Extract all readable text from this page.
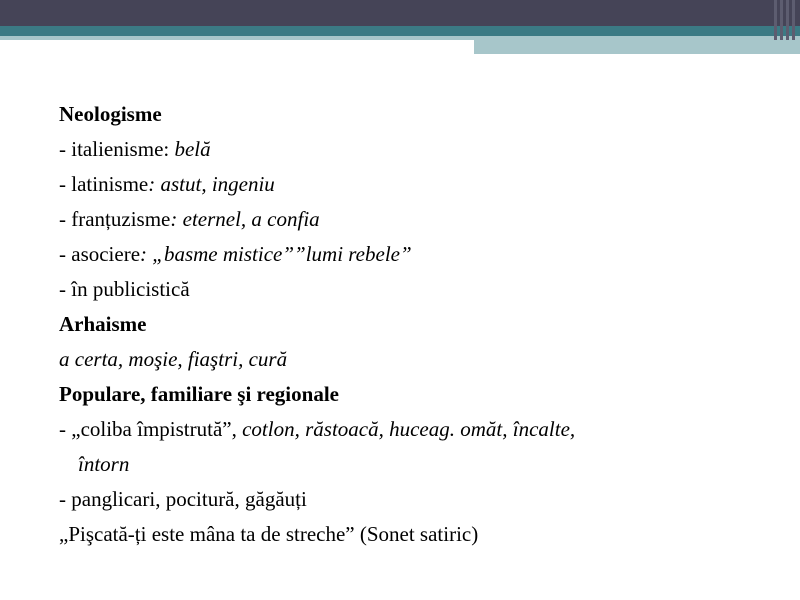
Neologisme

- italienisme: belă

- latinisme: astut, ingeniu

- franțuzisme: eternel, a confia

- asociere: „basme mistice””lumi rebele”

- în publicistică

Arhaisme

a certa, moşie, fiaştri, cură

Populare, familiare şi regionale

- „coliba împistrută”, cotlon, răstoacă, huceag. omăt, încalte,

întorn

- panglicari, pocitură, găgăuți

„Pişcată-ți este mâna ta de streche” (Sonet satiric)
